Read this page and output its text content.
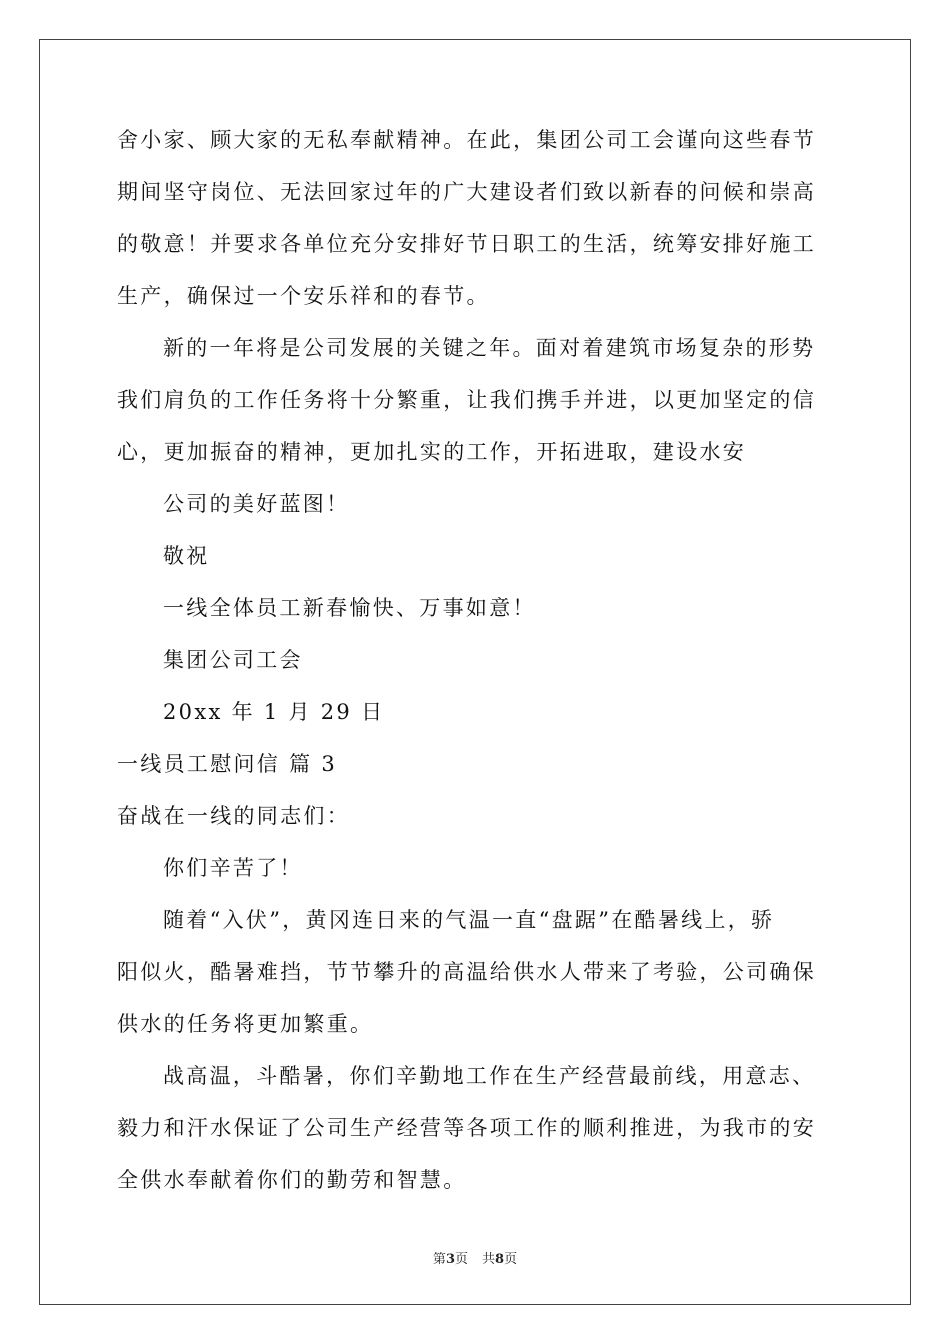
舍小家、顾大家的无私奉献精神。在此，集团公司工会谨向这些春节

期间坚守岗位、无法回家过年的广大建设者们致以新春的问候和崇高

的敬意！并要求各单位充分安排好节日职工的生活，统筹安排好施工

生产，确保过一个安乐祥和的春节。

新的一年将是公司发展的关键之年。面对着建筑市场复杂的形势

我们肩负的工作任务将十分繁重，让我们携手并进，以更加坚定的信

心，更加振奋的精神，更加扎实的工作，开拓进取，建设水安

公司的美好蓝图！

敬祝

一线全体员工新春愉快、万事如意！

集团公司工会

20xx 年 1 月 29 日

一线员工慰问信 篇 3

奋战在一线的同志们：

你们辛苦了！

随着“入伏”，黄冈连日来的气温一直“盘踞”在酷暑线上，骄

阳似火，酷暑难挡，节节攀升的高温给供水人带来了考验，公司确保

供水的任务将更加繁重。

战高温，斗酷暑，你们辛勤地工作在生产经营最前线，用意志、

毅力和汗水保证了公司生产经营等各项工作的顺利推进，为我市的安

全供水奉献着你们的勤劳和智慧。

第3页 共8页
